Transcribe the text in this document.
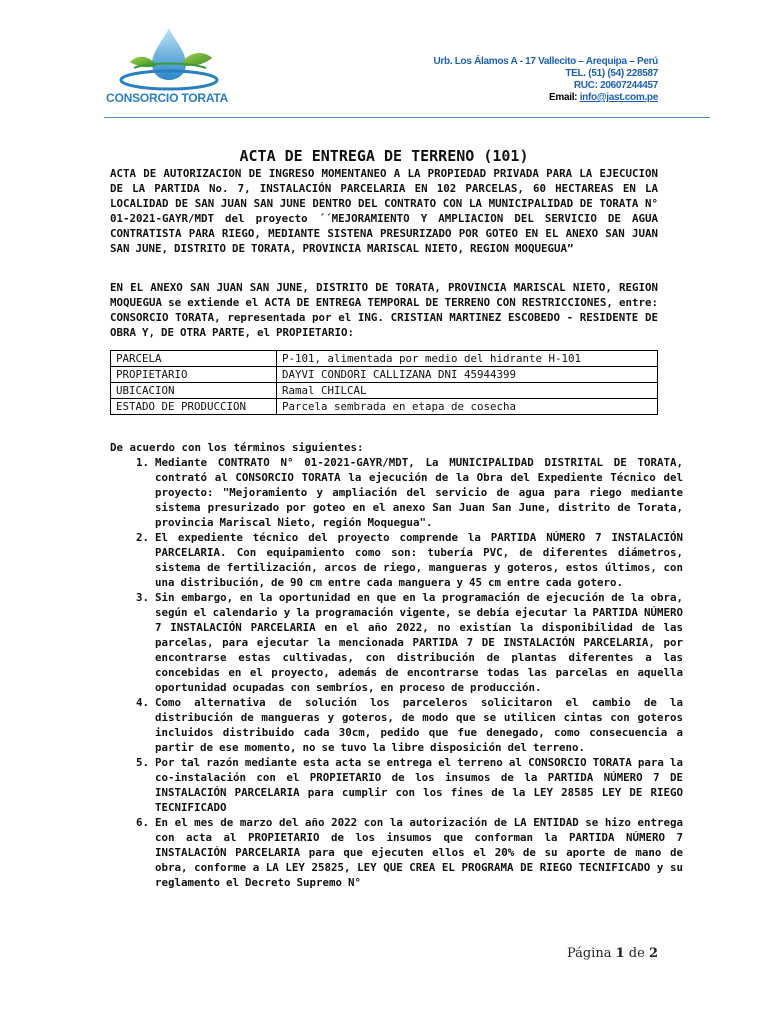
CONSORCIO TORATA
Urb. Los Álamos A - 17 Vallecito – Arequipa – Perú
TEL. (51) (54) 228587
RUC: 20607244457
Email: info@jast.com.pe
ACTA DE ENTREGA DE TERRENO (101)

ACTA DE AUTORIZACION DE INGRESO MOMENTANEO A LA PROPIEDAD PRIVADA PARA LA EJECUCION DE LA PARTIDA No. 7, INSTALACIÓN PARCELARIA EN 102 PARCELAS, 60 HECTAREAS EN LA LOCALIDAD DE SAN JUAN SAN JUNE DENTRO DEL CONTRATO CON LA MUNICIPALIDAD DE TORATA N° 01-2021-GAYR/MDT del proyecto ´´MEJORAMIENTO Y AMPLIACION DEL SERVICIO DE AGUA CONTRATISTA PARA RIEGO, MEDIANTE SISTENA PRESURIZADO POR GOTEO EN EL ANEXO SAN JUAN SAN JUNE, DISTRITO DE TORATA, PROVINCIA MARISCAL NIETO, REGION MOQUEGUA”

EN EL ANEXO SAN JUAN SAN JUNE, DISTRITO DE TORATA, PROVINCIA MARISCAL NIETO, REGION MOQUEGUA se extiende el ACTA DE ENTREGA TEMPORAL DE TERRENO CON RESTRICCIONES, entre: CONSORCIO TORATA, representada por el ING. CRISTIAN MARTINEZ ESCOBEDO - RESIDENTE DE OBRA Y, DE OTRA PARTE, el PROPIETARIO:

PARCELA	P-101, alimentada por medio del hidrante H-101
PROPIETARIO	DAYVI CONDORI CALLIZANA DNI 45944399
UBICACION	Ramal CHILCAL
ESTADO DE PRODUCCION	Parcela sembrada en etapa de cosecha
De acuerdo con los términos siguientes:
1. Mediante CONTRATO N° 01-2021-GAYR/MDT, La MUNICIPALIDAD DISTRITAL DE TORATA, contrató al CONSORCIO TORATA la ejecución de la Obra del Expediente Técnico del proyecto: "Mejoramiento y ampliación del servicio de agua para riego mediante sistema presurizado por goteo en el anexo San Juan San June, distrito de Torata, provincia Mariscal Nieto, región Moquegua".
2. El expediente técnico del proyecto comprende la PARTIDA NÚMERO 7 INSTALACIÓN PARCELARIA. Con equipamiento como son: tubería PVC, de diferentes diámetros, sistema de fertilización, arcos de riego, mangueras y goteros, estos últimos, con una distribución, de 90 cm entre cada manguera y 45 cm entre cada gotero.
3. Sin embargo, en la oportunidad en que en la programación de ejecución de la obra, según el calendario y la programación vigente, se debía ejecutar la PARTIDA NÚMERO 7 INSTALACIÓN PARCELARIA en el año 2022, no existían la disponibilidad de las parcelas, para ejecutar la mencionada PARTIDA 7 DE INSTALACIÓN PARCELARIA, por encontrarse estas cultivadas, con distribución de plantas diferentes a las concebidas en el proyecto, además de encontrarse todas las parcelas en aquella oportunidad ocupadas con sembríos, en proceso de producción.
4. Como alternativa de solución los parceleros solicitaron el cambio de la distribución de mangueras y goteros, de modo que se utilicen cintas con goteros incluidos distribuido cada 30cm, pedido que fue denegado, como consecuencia a partir de ese momento, no se tuvo la libre disposición del terreno.
5. Por tal razón mediante esta acta se entrega el terreno al CONSORCIO TORATA para la co-instalación con el PROPIETARIO de los insumos de la PARTIDA NÚMERO 7 DE INSTALACIÓN PARCELARIA para cumplir con los fines de la LEY 28585 LEY DE RIEGO TECNIFICADO
6. En el mes de marzo del año 2022 con la autorización de LA ENTIDAD se hizo entrega con acta al PROPIETARIO de los insumos que conforman la PARTIDA NÚMERO 7 INSTALACIÓN PARCELARIA para que ejecuten ellos el 20% de su aporte de mano de obra, conforme a LA LEY 25825, LEY QUE CREA EL PROGRAMA DE RIEGO TECNIFICADO y su reglamento el Decreto Supremo N°
Página 1 de 2
